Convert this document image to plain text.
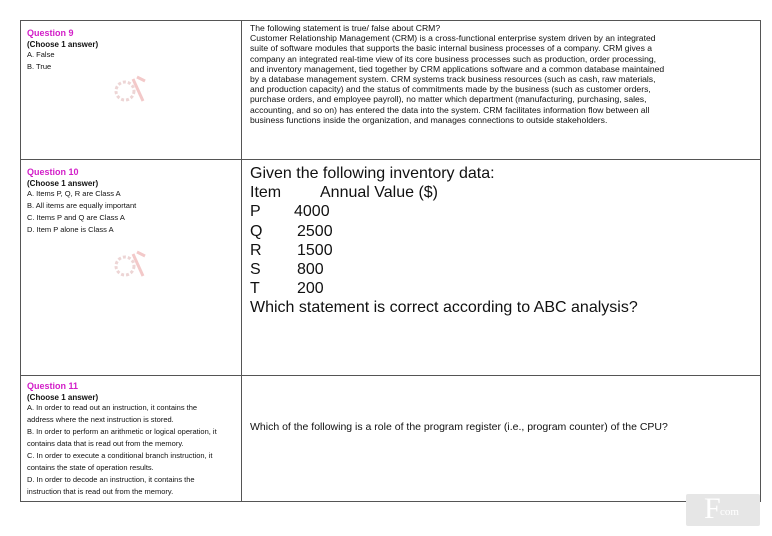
Question 9
(Choose 1 answer)
A. False
B. True
The following statement is true/ false about CRM?
Customer Relationship Management (CRM) is a cross-functional enterprise system driven by an integrated
suite of software modules that supports the basic internal business processes of a company. CRM gives a
company an integrated real-time view of its core business processes such as production, order processing,
and inventory management, tied together by CRM applications software and a common database maintained
by a database management system. CRM systems track business resources (such as cash, raw materials,
and production capacity) and the status of commitments made by the business (such as customer orders,
purchase orders, and employee payroll), no matter which department (manufacturing, purchasing, sales,
accounting, and so on) has entered the data into the system. CRM facilitates information flow between all
business functions inside the organization, and manages connections to outside stakeholders.
Question 10
(Choose 1 answer)
A. Items P, Q, R are Class A
B. All items are equally important
C. Items P and Q are Class A
D. Item P alone is Class A
Given the following inventory data:
Item	Annual Value ($)
P	4000
Q	2500
R	1500
S	800
T	200
Which statement is correct according to ABC analysis?
Question 11
(Choose 1 answer)
A. In order to read out an instruction, it contains the
address where the next instruction is stored.
B. In order to perform an arithmetic or logical operation, it
contains data that is read out from the memory.
C. In order to execute a conditional branch instruction, it
contains the state of operation results.
D. In order to decode an instruction, it contains the
instruction that is read out from the memory.
Which of the following is a role of the program register (i.e., program counter) of the CPU?
F com
